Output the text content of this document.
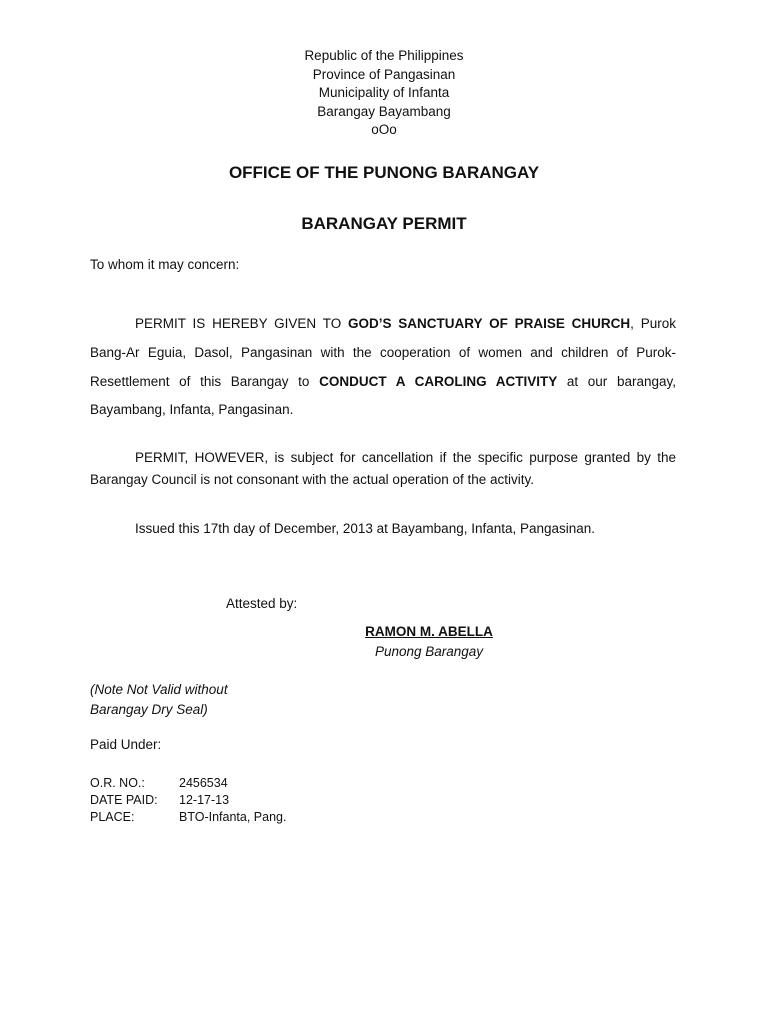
Republic of the Philippines
Province of Pangasinan
Municipality of Infanta
Barangay Bayambang
oOo
OFFICE OF THE PUNONG BARANGAY
BARANGAY PERMIT
To whom it may concern:
PERMIT IS HEREBY GIVEN TO GOD’S SANCTUARY OF PRAISE CHURCH, Purok Bang-Ar Eguia, Dasol, Pangasinan with the cooperation of women and children of Purok-Resettlement of this Barangay to CONDUCT A CAROLING ACTIVITY at our barangay, Bayambang, Infanta, Pangasinan.
PERMIT, HOWEVER, is subject for cancellation if the specific purpose granted by the Barangay Council is not consonant with the actual operation of the activity.
Issued this 17th day of December, 2013 at Bayambang, Infanta, Pangasinan.
Attested by:
RAMON M. ABELLA
Punong Barangay
(Note Not Valid without
Barangay Dry Seal)
Paid Under:
O.R. NO.:	2456534
DATE PAID:	12-17-13
PLACE:	BTO-Infanta, Pang.
